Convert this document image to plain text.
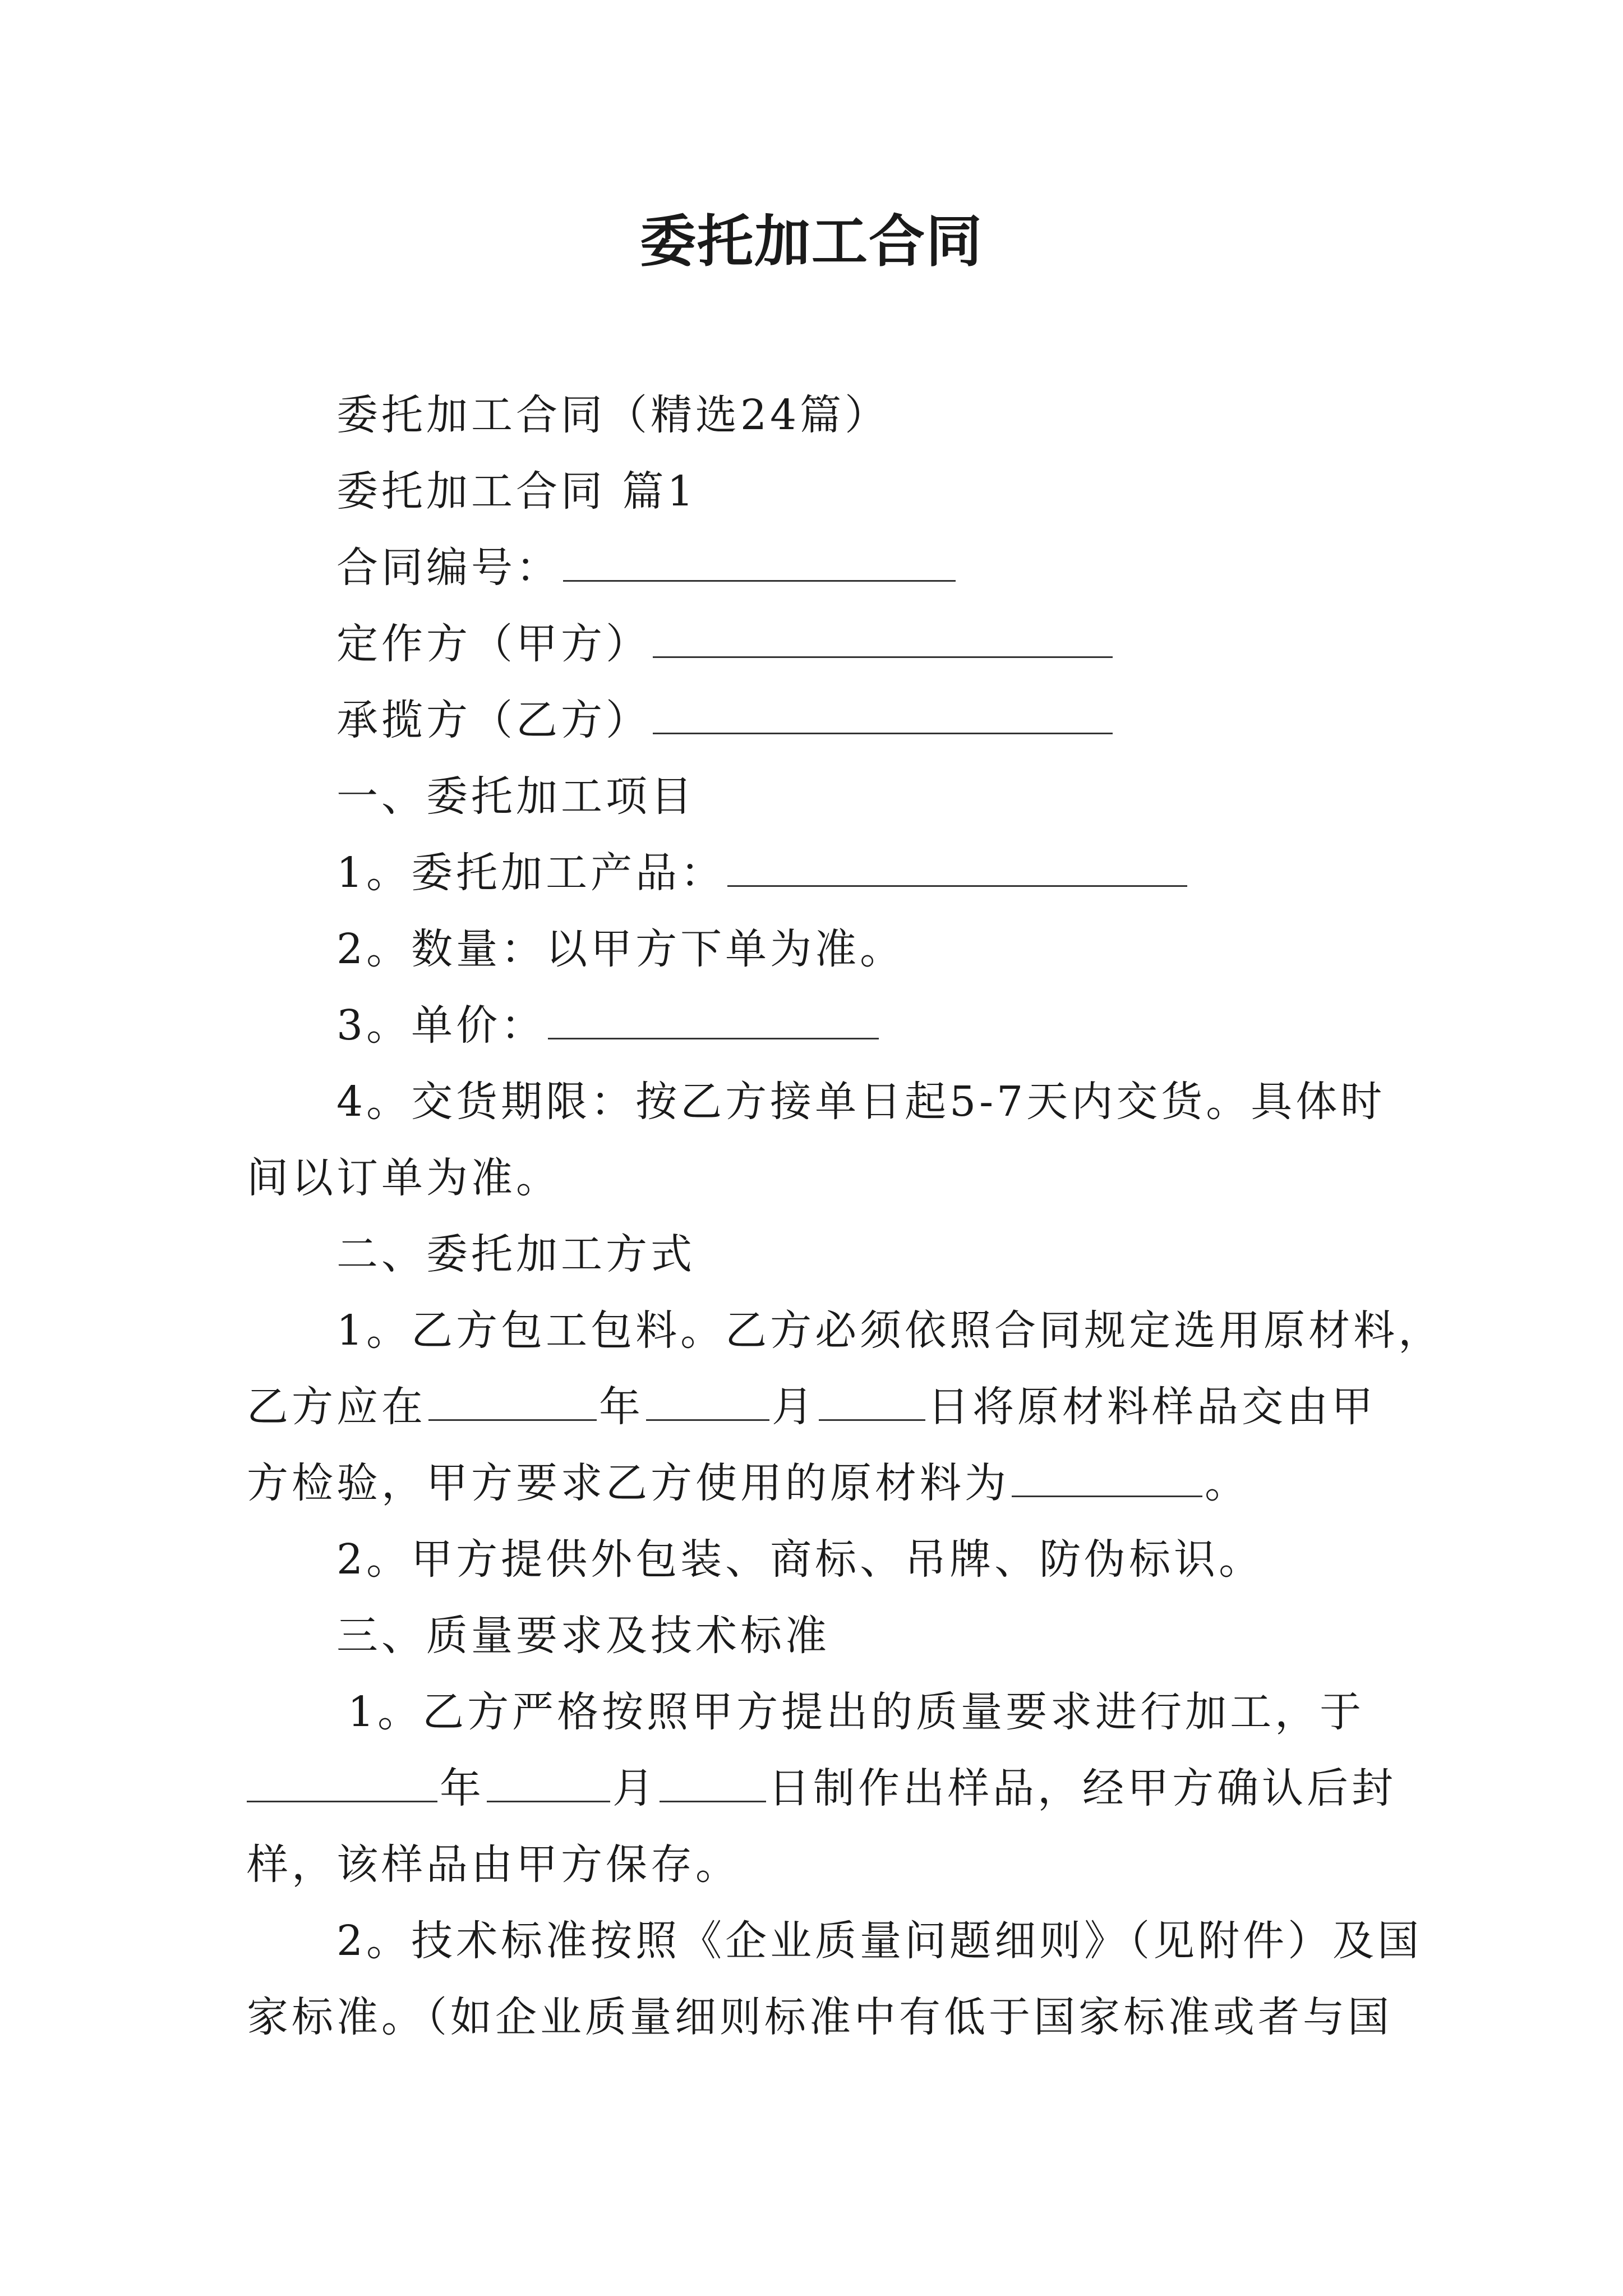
委托加工合同
委托加工合同（精选24篇）
委托加工合同 篇1
合同编号：
定作方（甲方）
承揽方（乙方）
一、委托加工项目
1。委托加工产品：
2。数量：以甲方下单为准。
3。单价：
4。交货期限：按乙方接单日起5-7天内交货。具体时
间以订单为准。
二、委托加工方式
1。乙方包工包料。乙方必须依照合同规定选用原材料，
乙方应在	年	月	日将原材料样品交由甲
方检验，甲方要求乙方使用的原材料为	。
2。甲方提供外包装、商标、吊牌、防伪标识。
三、质量要求及技术标准
1。乙方严格按照甲方提出的质量要求进行加工，于
年	月	日制作出样品，经甲方确认后封
样，该样品由甲方保存。
2。技术标准按照《企业质量问题细则》（见附件）及国
家标准。（如企业质量细则标准中有低于国家标准或者与国
